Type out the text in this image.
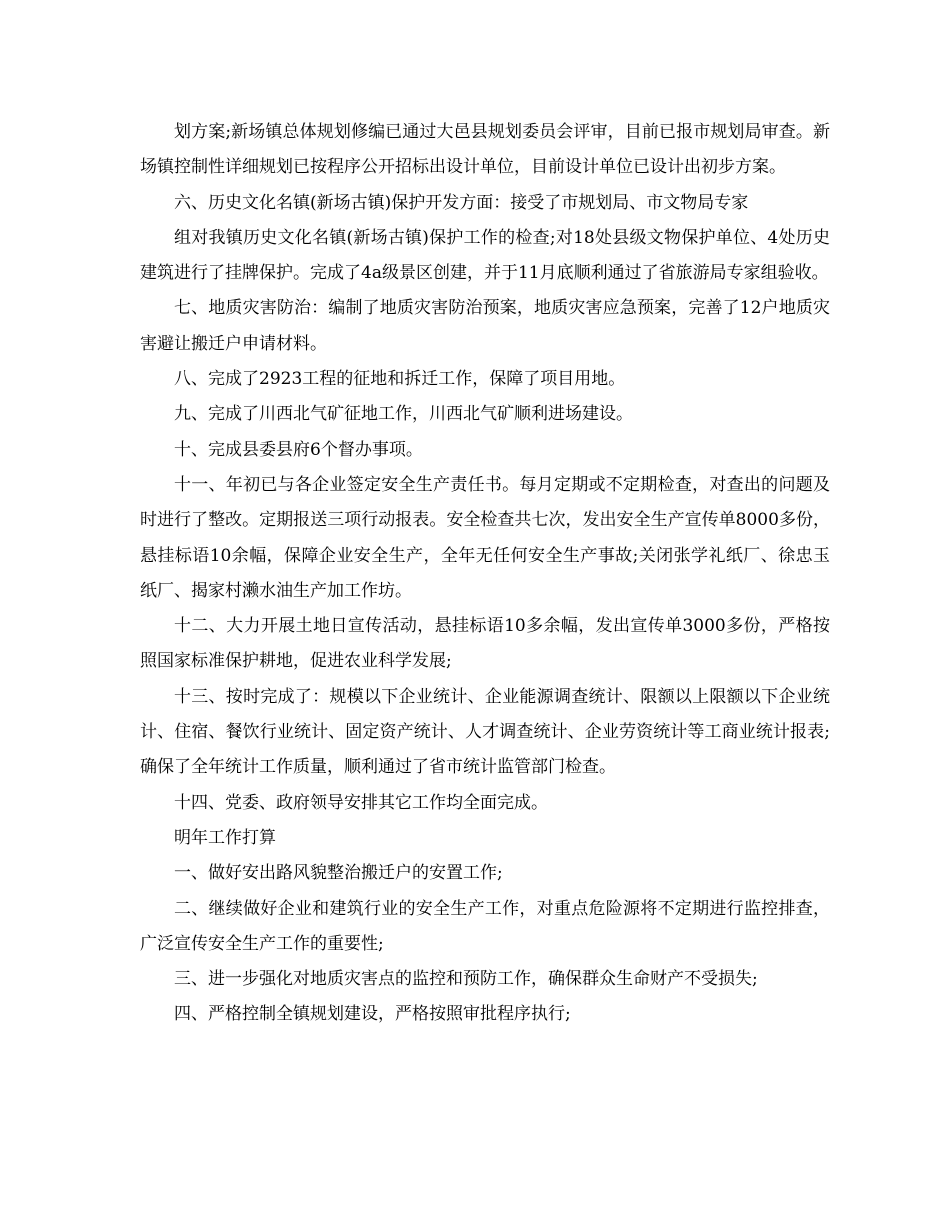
划方案;新场镇总体规划修编已通过大邑县规划委员会评审，目前已报市规划局审查。新场镇控制性详细规划已按程序公开招标出设计单位，目前设计单位已设计出初步方案。

六、历史文化名镇(新场古镇)保护开发方面：接受了市规划局、市文物局专家

组对我镇历史文化名镇(新场古镇)保护工作的检查;对18处县级文物保护单位、4处历史建筑进行了挂牌保护。完成了4a级景区创建，并于11月底顺利通过了省旅游局专家组验收。

七、地质灾害防治：编制了地质灾害防治预案，地质灾害应急预案，完善了12户地质灾害避让搬迁户申请材料。

八、完成了2923工程的征地和拆迁工作，保障了项目用地。

九、完成了川西北气矿征地工作，川西北气矿顺利进场建设。

十、完成县委县府6个督办事项。

十一、年初已与各企业签定安全生产责任书。每月定期或不定期检查，对查出的问题及时进行了整改。定期报送三项行动报表。安全检查共七次，发出安全生产宣传单8000多份，悬挂标语10余幅，保障企业安全生产，全年无任何安全生产事故;关闭张学礼纸厂、徐忠玉纸厂、揭家村濑水油生产加工作坊。

十二、大力开展土地日宣传活动，悬挂标语10多余幅，发出宣传单3000多份，严格按照国家标准保护耕地，促进农业科学发展;

十三、按时完成了：规模以下企业统计、企业能源调查统计、限额以上限额以下企业统计、住宿、餐饮行业统计、固定资产统计、人才调查统计、企业劳资统计等工商业统计报表;确保了全年统计工作质量，顺利通过了省市统计监管部门检查。

十四、党委、政府领导安排其它工作均全面完成。

明年工作打算

一、做好安出路风貌整治搬迁户的安置工作;

二、继续做好企业和建筑行业的安全生产工作，对重点危险源将不定期进行监控排查，广泛宣传安全生产工作的重要性;

三、进一步强化对地质灾害点的监控和预防工作，确保群众生命财产不受损失;

四、严格控制全镇规划建设，严格按照审批程序执行;
